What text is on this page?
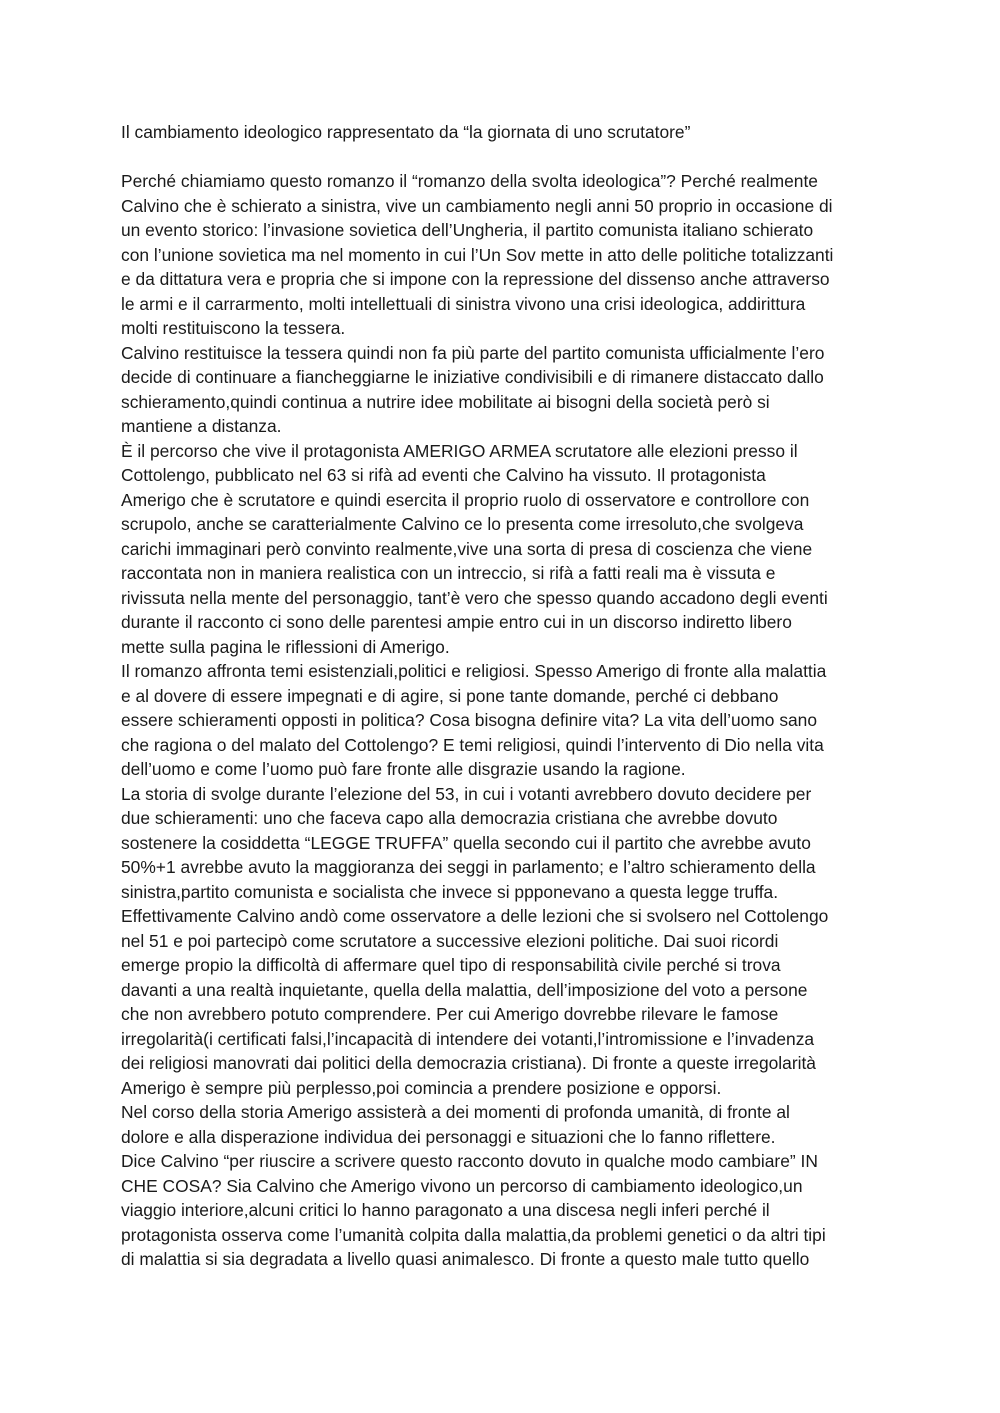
Il cambiamento ideologico rappresentato da “la giornata di uno scrutatore”
Perché chiamiamo questo romanzo il “romanzo della svolta ideologica”? Perché realmente
Calvino che è schierato a sinistra, vive un cambiamento negli anni 50 proprio in occasione di
un evento storico: l’invasione sovietica dell’Ungheria, il partito comunista italiano schierato
con l’unione sovietica ma nel momento in cui l’Un Sov mette in atto delle politiche totalizzanti
e da dittatura vera e propria che si impone con la repressione del dissenso anche attraverso
le armi e il carrarmento, molti intellettuali di sinistra vivono una crisi ideologica, addirittura
molti restituiscono la tessera.
Calvino restituisce la tessera quindi non fa più parte del partito comunista ufficialmente l’ero
decide di continuare a fiancheggiarne le iniziative condivisibili e di rimanere distaccato dallo
schieramento,quindi continua a nutrire idee mobilitate ai bisogni della società però si
mantiene a distanza.
È il percorso che vive il protagonista AMERIGO ARMEA scrutatore alle elezioni presso il
Cottolengo, pubblicato nel 63 si rifà ad eventi che Calvino ha vissuto. Il protagonista
Amerigo che è scrutatore e quindi esercita il proprio ruolo di osservatore e controllore con
scrupolo, anche se caratterialmente Calvino ce lo presenta come irresoluto,che svolgeva
carichi immaginari però convinto realmente,vive una sorta di presa di coscienza che viene
raccontata non in maniera realistica con un intreccio, si rifà a fatti reali ma è vissuta e
rivissuta nella mente del personaggio, tant’è vero che spesso quando accadono degli eventi
durante il racconto ci sono delle parentesi ampie entro cui in un discorso indiretto libero
mette sulla pagina le riflessioni di Amerigo.
Il romanzo affronta temi esistenziali,politici e religiosi. Spesso Amerigo di fronte alla malattia
e al dovere di essere impegnati e di agire, si pone tante domande, perché ci debbano
essere schieramenti opposti in politica? Cosa bisogna definire vita? La vita dell’uomo sano
che ragiona o del malato del Cottolengo? E temi religiosi, quindi l’intervento di Dio nella vita
dell’uomo e come l’uomo può fare fronte alle disgrazie usando la ragione.
La storia di svolge durante l’elezione del 53, in cui i votanti avrebbero dovuto decidere per
due schieramenti: uno che faceva capo alla democrazia cristiana che avrebbe dovuto
sostenere la cosiddetta “LEGGE TRUFFA” quella secondo cui il partito che avrebbe avuto
50%+1 avrebbe avuto la maggioranza dei seggi in parlamento; e l’altro schieramento della
sinistra,partito comunista e socialista che invece si ppponevano a questa legge truffa.
Effettivamente Calvino andò come osservatore a delle lezioni che si svolsero nel Cottolengo
nel 51 e poi partecipò come scrutatore a successive elezioni politiche. Dai suoi ricordi
emerge propio la difficoltà di affermare quel tipo di responsabilità civile perché si trova
davanti a una realtà inquietante, quella della malattia, dell’imposizione del voto a persone
che non avrebbero potuto comprendere. Per cui Amerigo dovrebbe rilevare le famose
irregolarità(i certificati falsi,l’incapacità di intendere dei votanti,l’intromissione e l’invadenza
dei religiosi manovrati dai politici della democrazia cristiana). Di fronte a queste irregolarità
Amerigo è sempre più perplesso,poi comincia a prendere posizione e opporsi.
Nel corso della storia Amerigo assisterà a dei momenti di profonda umanità, di fronte al
dolore e alla disperazione individua dei personaggi e situazioni che lo fanno riflettere.
Dice Calvino “per riuscire a scrivere questo racconto dovuto in qualche modo cambiare” IN
CHE COSA? Sia Calvino che Amerigo vivono un percorso di cambiamento ideologico,un
viaggio interiore,alcuni critici lo hanno paragonato a una discesa negli inferi perché il
protagonista osserva come l’umanità colpita dalla malattia,da problemi genetici o da altri tipi
di malattia si sia degradata a livello quasi animalesco. Di fronte a questo male tutto quello
